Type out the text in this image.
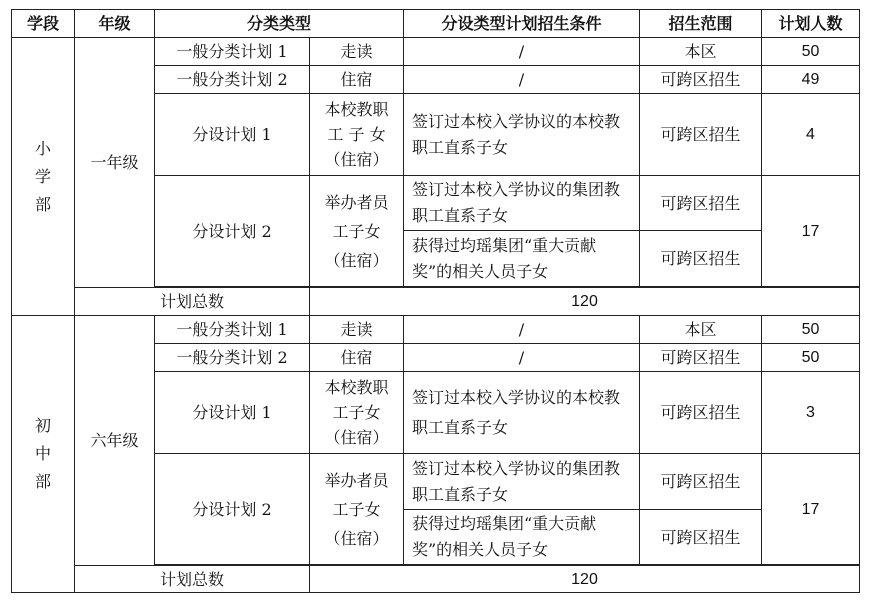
学段	年级	分类类型		分设类型计划招生条件	招生范围	计划人数
小
学
部	一年级	一般分类计划 1	走读	/	本区	50
		一般分类计划 2	住宿	/	可跨区招生	49
		分设计划 1	本校教职
工 子 女
（住宿）	签订过本校入学协议的本校教职工直系子女	可跨区招生	4
		分设计划 2	举办者员
工子女
（住宿）	签订过本校入学协议的集团教职工直系子女	可跨区招生	17
				获得过均瑶集团“重大贡献奖”的相关人员子女	可跨区招生	

	计划总数		120			
初
中
部	六年级	一般分类计划 1	走读	/	本区	50
		一般分类计划 2	住宿	/	可跨区招生	50
		分设计划 1	本校教职
工子女
（住宿）	签订过本校入学协议的本校教职工直系子女	可跨区招生	3
		分设计划 2	举办者员
工子女
（住宿）	签订过本校入学协议的集团教职工直系子女	可跨区招生	17
				获得过均瑶集团“重大贡献奖”的相关人员子女	可跨区招生	

	计划总数		120			
